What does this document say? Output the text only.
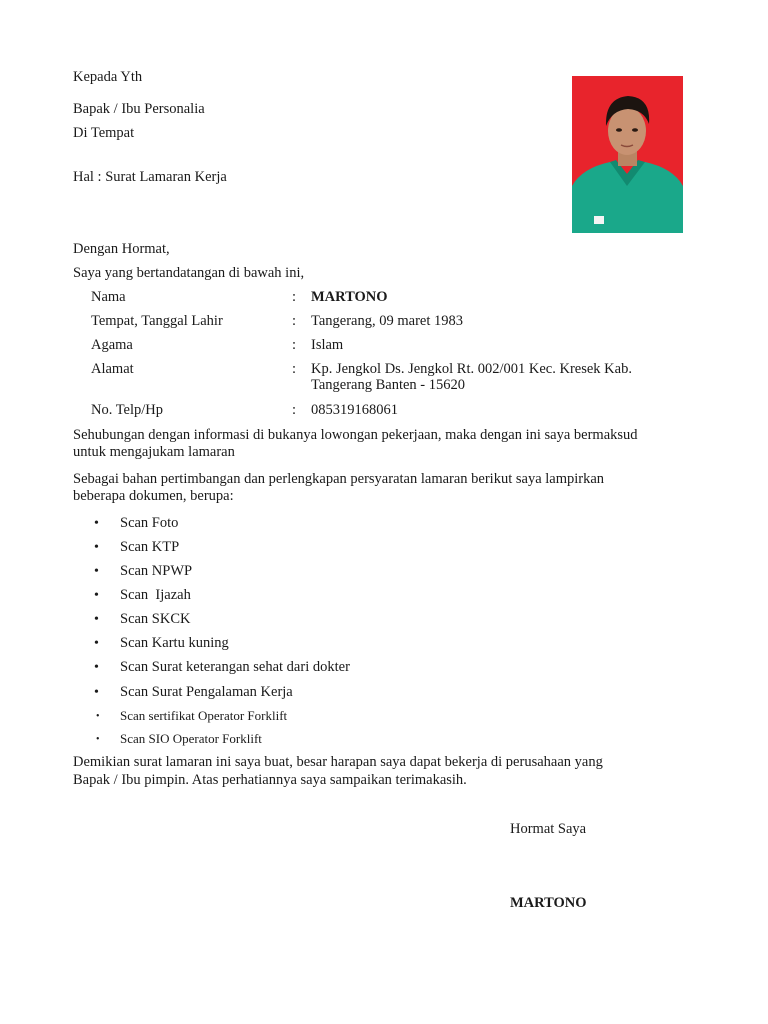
Kepada Yth
Bapak / Ibu Personalia
Di Tempat
Hal : Surat Lamaran Kerja
Dengan Hormat,
Saya yang bertandatangan di bawah ini,
Nama	: MARTONO
Tempat, Tanggal Lahir	: Tangerang, 09 maret 1983
Agama	: Islam
Alamat	: Kp. Jengkol Ds. Jengkol Rt. 002/001 Kec. Kresek Kab.
Tangerang Banten - 15620
No. Telp/Hp	: 085319168061
Sehubungan dengan informasi di bukanya lowongan pekerjaan, maka dengan ini saya bermaksud
untuk mengajukam lamaran
Sebagai bahan pertimbangan dan perlengkapan persyaratan lamaran berikut saya lampirkan
beberapa dokumen, berupa:
• Scan Foto
• Scan KTP
• Scan NPWP
• Scan  Ijazah
• Scan SKCK
• Scan Kartu kuning
• Scan Surat keterangan sehat dari dokter
• Scan Surat Pengalaman Kerja
• Scan sertifikat Operator Forklift
• Scan SIO Operator Forklift
Demikian surat lamaran ini saya buat, besar harapan saya dapat bekerja di perusahaan yang
Bapak / Ibu pimpin. Atas perhatiannya saya sampaikan terimakasih.
Hormat Saya
MARTONO
